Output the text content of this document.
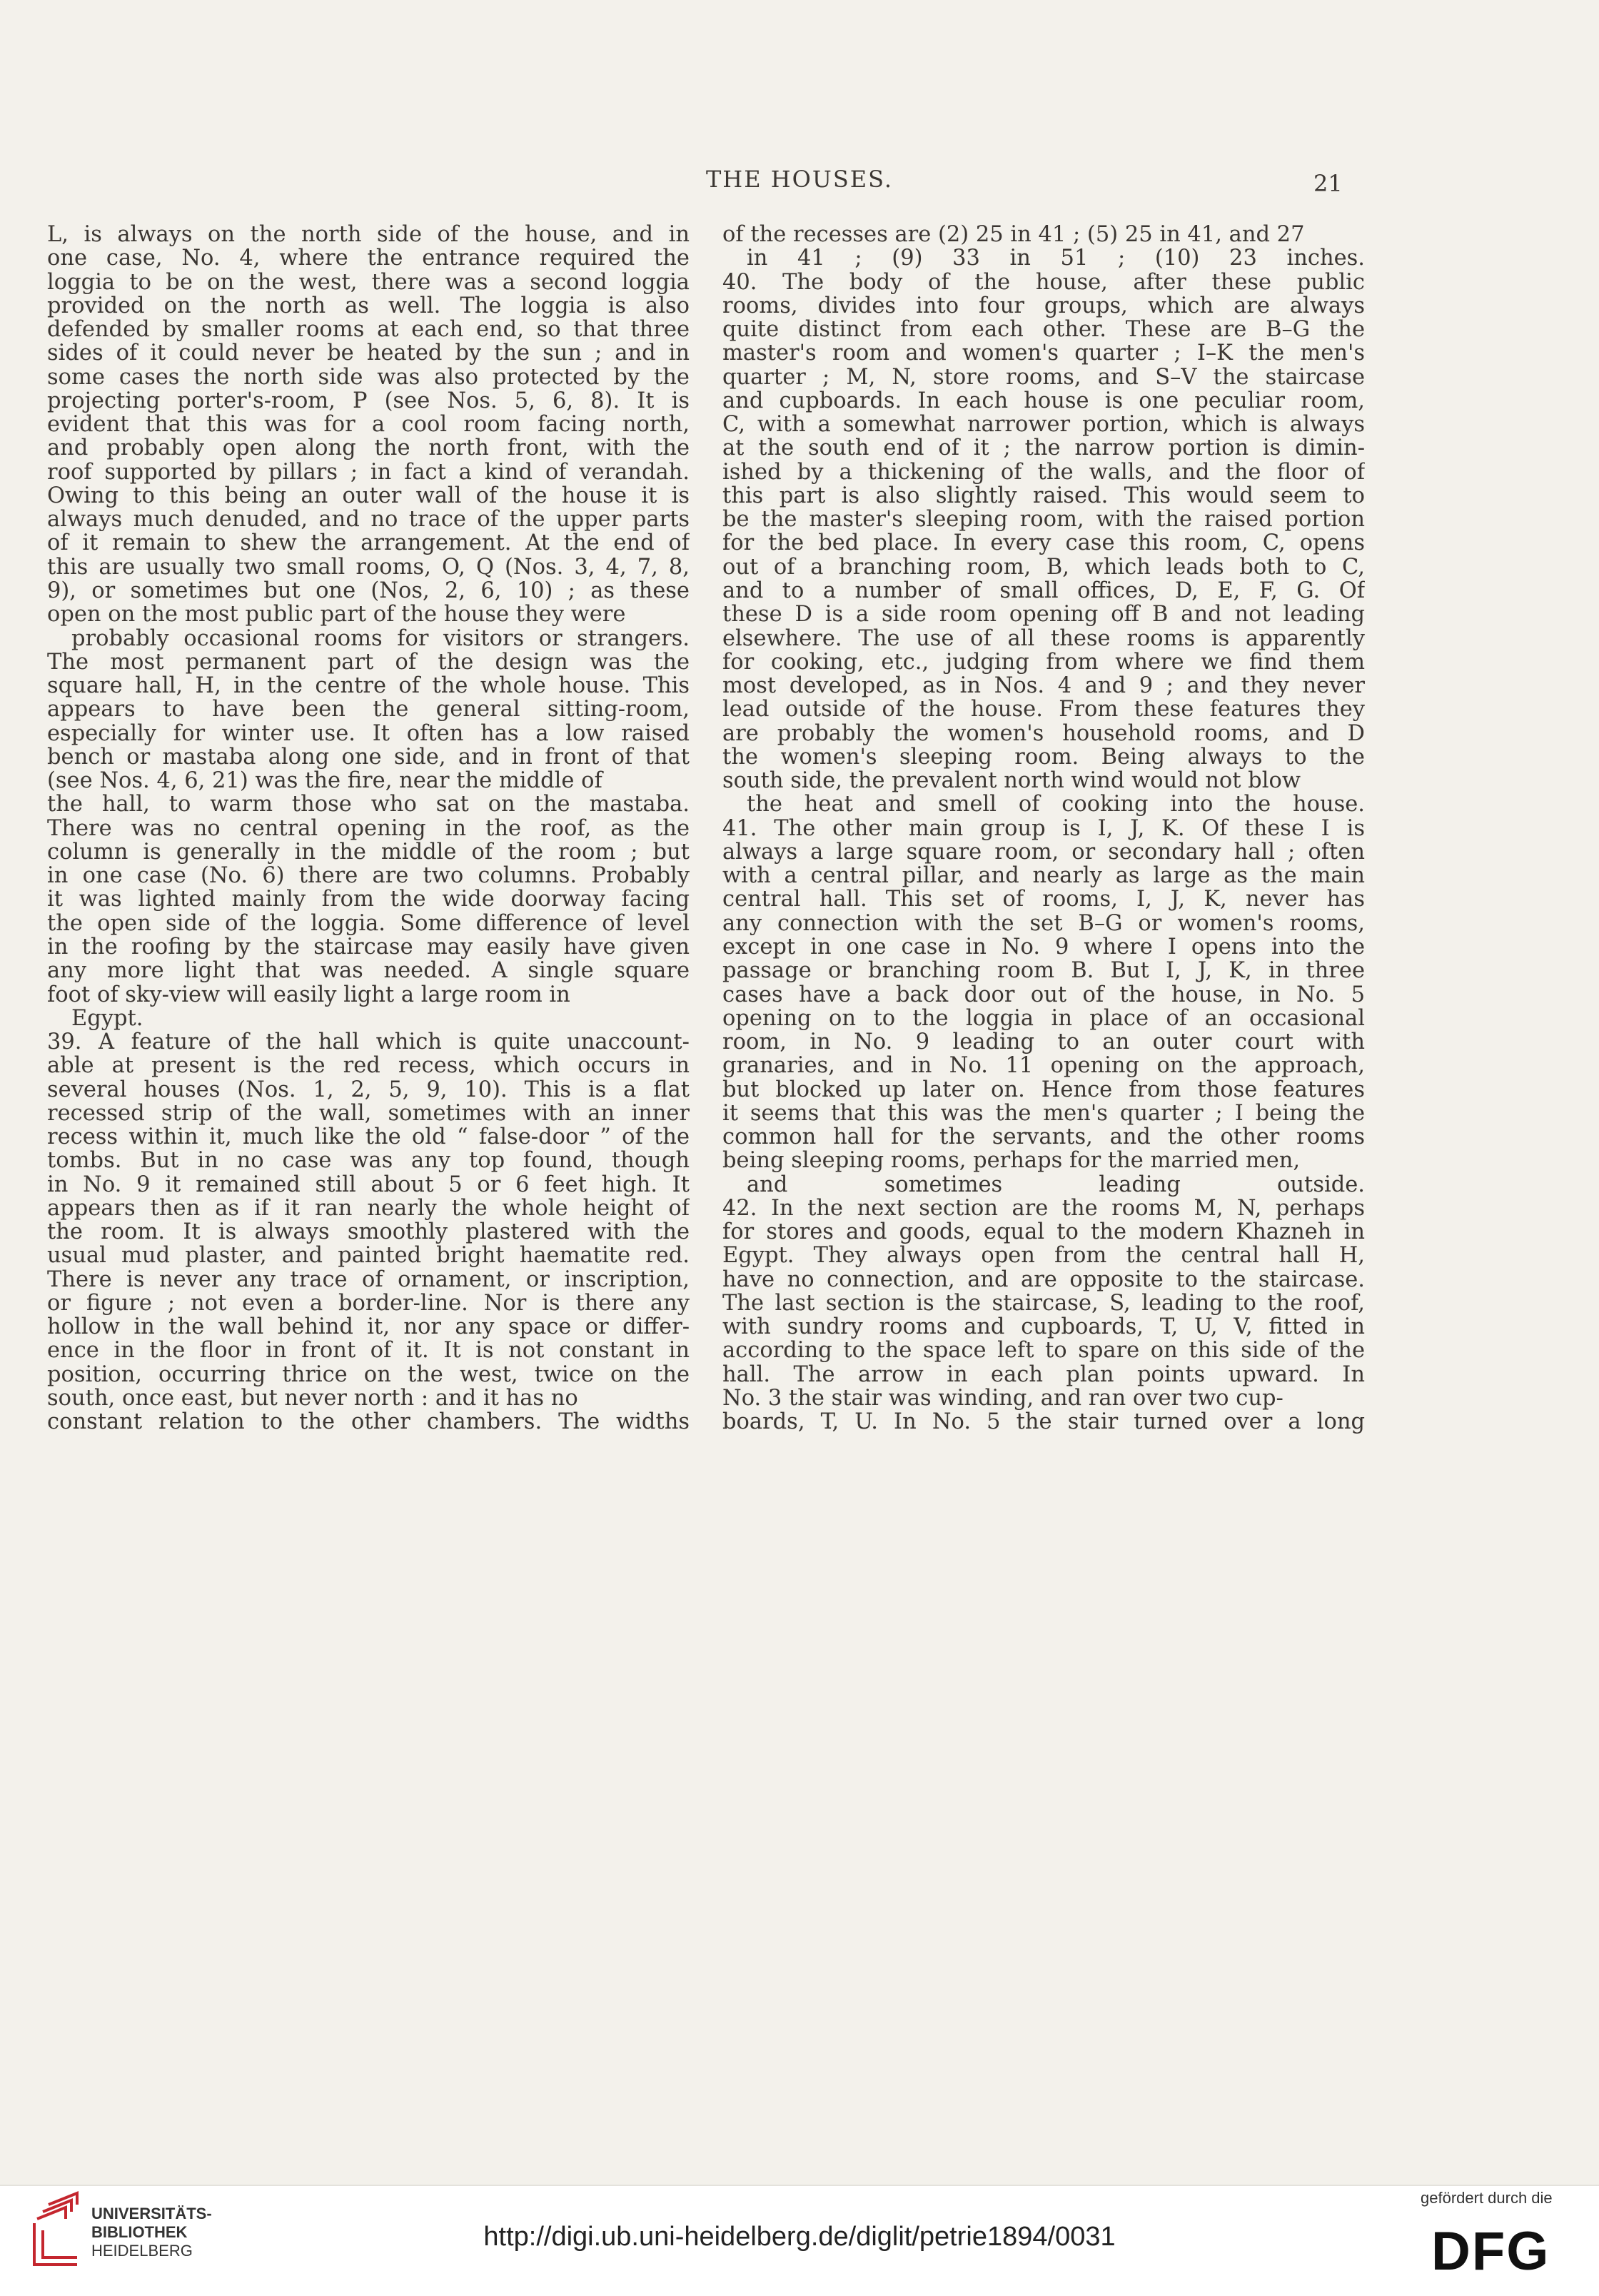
THE HOUSES.	21
L, is always on the north side of the house, and in
one case, No. 4, where the entrance required the
loggia to be on the west, there was a second loggia
provided on the north as well. The loggia is also
defended by smaller rooms at each end, so that three
sides of it could never be heated by the sun ; and in
some cases the north side was also protected by the
projecting porter's-room, P (see Nos. 5, 6, 8). It is
evident that this was for a cool room facing north,
and probably open along the north front, with the
roof supported by pillars ; in fact a kind of verandah.
Owing to this being an outer wall of the house it is
always much denuded, and no trace of the upper parts
of it remain to shew the arrangement. At the end of
this are usually two small rooms, O, Q (Nos. 3, 4, 7, 8,
9), or sometimes but one (Nos, 2, 6, 10) ; as these
open on the most public part of the house they were
probably occasional rooms for visitors or strangers.
The most permanent part of the design was the
square hall, H, in the centre of the whole house. This
appears to have been the general sitting-room,
especially for winter use. It often has a low raised
bench or mastaba along one side, and in front of that
(see Nos. 4, 6, 21) was the fire, near the middle of
the hall, to warm those who sat on the mastaba.
There was no central opening in the roof, as the
column is generally in the middle of the room ; but
in one case (No. 6) there are two columns. Probably
it was lighted mainly from the wide doorway facing
the open side of the loggia. Some difference of level
in the roofing by the staircase may easily have given
any more light that was needed. A single square
foot of sky-view will easily light a large room in
Egypt.
39. A feature of the hall which is quite unaccount-
able at present is the red recess, which occurs in
several houses (Nos. 1, 2, 5, 9, 10). This is a flat
recessed strip of the wall, sometimes with an inner
recess within it, much like the old “ false-door ” of the
tombs. But in no case was any top found, though
in No. 9 it remained still about 5 or 6 feet high. It
appears then as if it ran nearly the whole height of
the room. It is always smoothly plastered with the
usual mud plaster, and painted bright haematite red.
There is never any trace of ornament, or inscription,
or figure ; not even a border-line. Nor is there any
hollow in the wall behind it, nor any space or differ-
ence in the floor in front of it. It is not constant in
position, occurring thrice on the west, twice on the
south, once east, but never north : and it has no
constant relation to the other chambers. The widths
of the recesses are (2) 25 in 41 ; (5) 25 in 41, and 27
in 41 ; (9) 33 in 51 ; (10) 23 inches.
40. The body of the house, after these public
rooms, divides into four groups, which are always
quite distinct from each other. These are B–G the
master's room and women's quarter ; I–K the men's
quarter ; M, N, store rooms, and S–V the staircase
and cupboards. In each house is one peculiar room,
C, with a somewhat narrower portion, which is always
at the south end of it ; the narrow portion is dimin-
ished by a thickening of the walls, and the floor of
this part is also slightly raised. This would seem to
be the master's sleeping room, with the raised portion
for the bed place. In every case this room, C, opens
out of a branching room, B, which leads both to C,
and to a number of small offices, D, E, F, G. Of
these D is a side room opening off B and not leading
elsewhere. The use of all these rooms is apparently
for cooking, etc., judging from where we find them
most developed, as in Nos. 4 and 9 ; and they never
lead outside of the house. From these features they
are probably the women's household rooms, and D
the women's sleeping room. Being always to the
south side, the prevalent north wind would not blow
the heat and smell of cooking into the house.
41. The other main group is I, J, K. Of these I is
always a large square room, or secondary hall ; often
with a central pillar, and nearly as large as the main
central hall. This set of rooms, I, J, K, never has
any connection with the set B–G or women's rooms,
except in one case in No. 9 where I opens into the
passage or branching room B. But I, J, K, in three
cases have a back door out of the house, in No. 5
opening on to the loggia in place of an occasional
room, in No. 9 leading to an outer court with
granaries, and in No. 11 opening on the approach,
but blocked up later on. Hence from those features
it seems that this was the men's quarter ; I being the
common hall for the servants, and the other rooms
being sleeping rooms, perhaps for the married men,
and sometimes leading outside.
42. In the next section are the rooms M, N, perhaps
for stores and goods, equal to the modern Khazneh in
Egypt. They always open from the central hall H,
have no connection, and are opposite to the staircase.
The last section is the staircase, S, leading to the roof,
with sundry rooms and cupboards, T, U, V, fitted in
according to the space left to spare on this side of the
hall. The arrow in each plan points upward. In
No. 3 the stair was winding, and ran over two cup-
boards, T, U. In No. 5 the stair turned over a long
UNIVERSITÄTS-
BIBLIOTHEK
HEIDELBERG	http://digi.ub.uni-heidelberg.de/diglit/petrie1894/0031
gefördert durch die
DFG
